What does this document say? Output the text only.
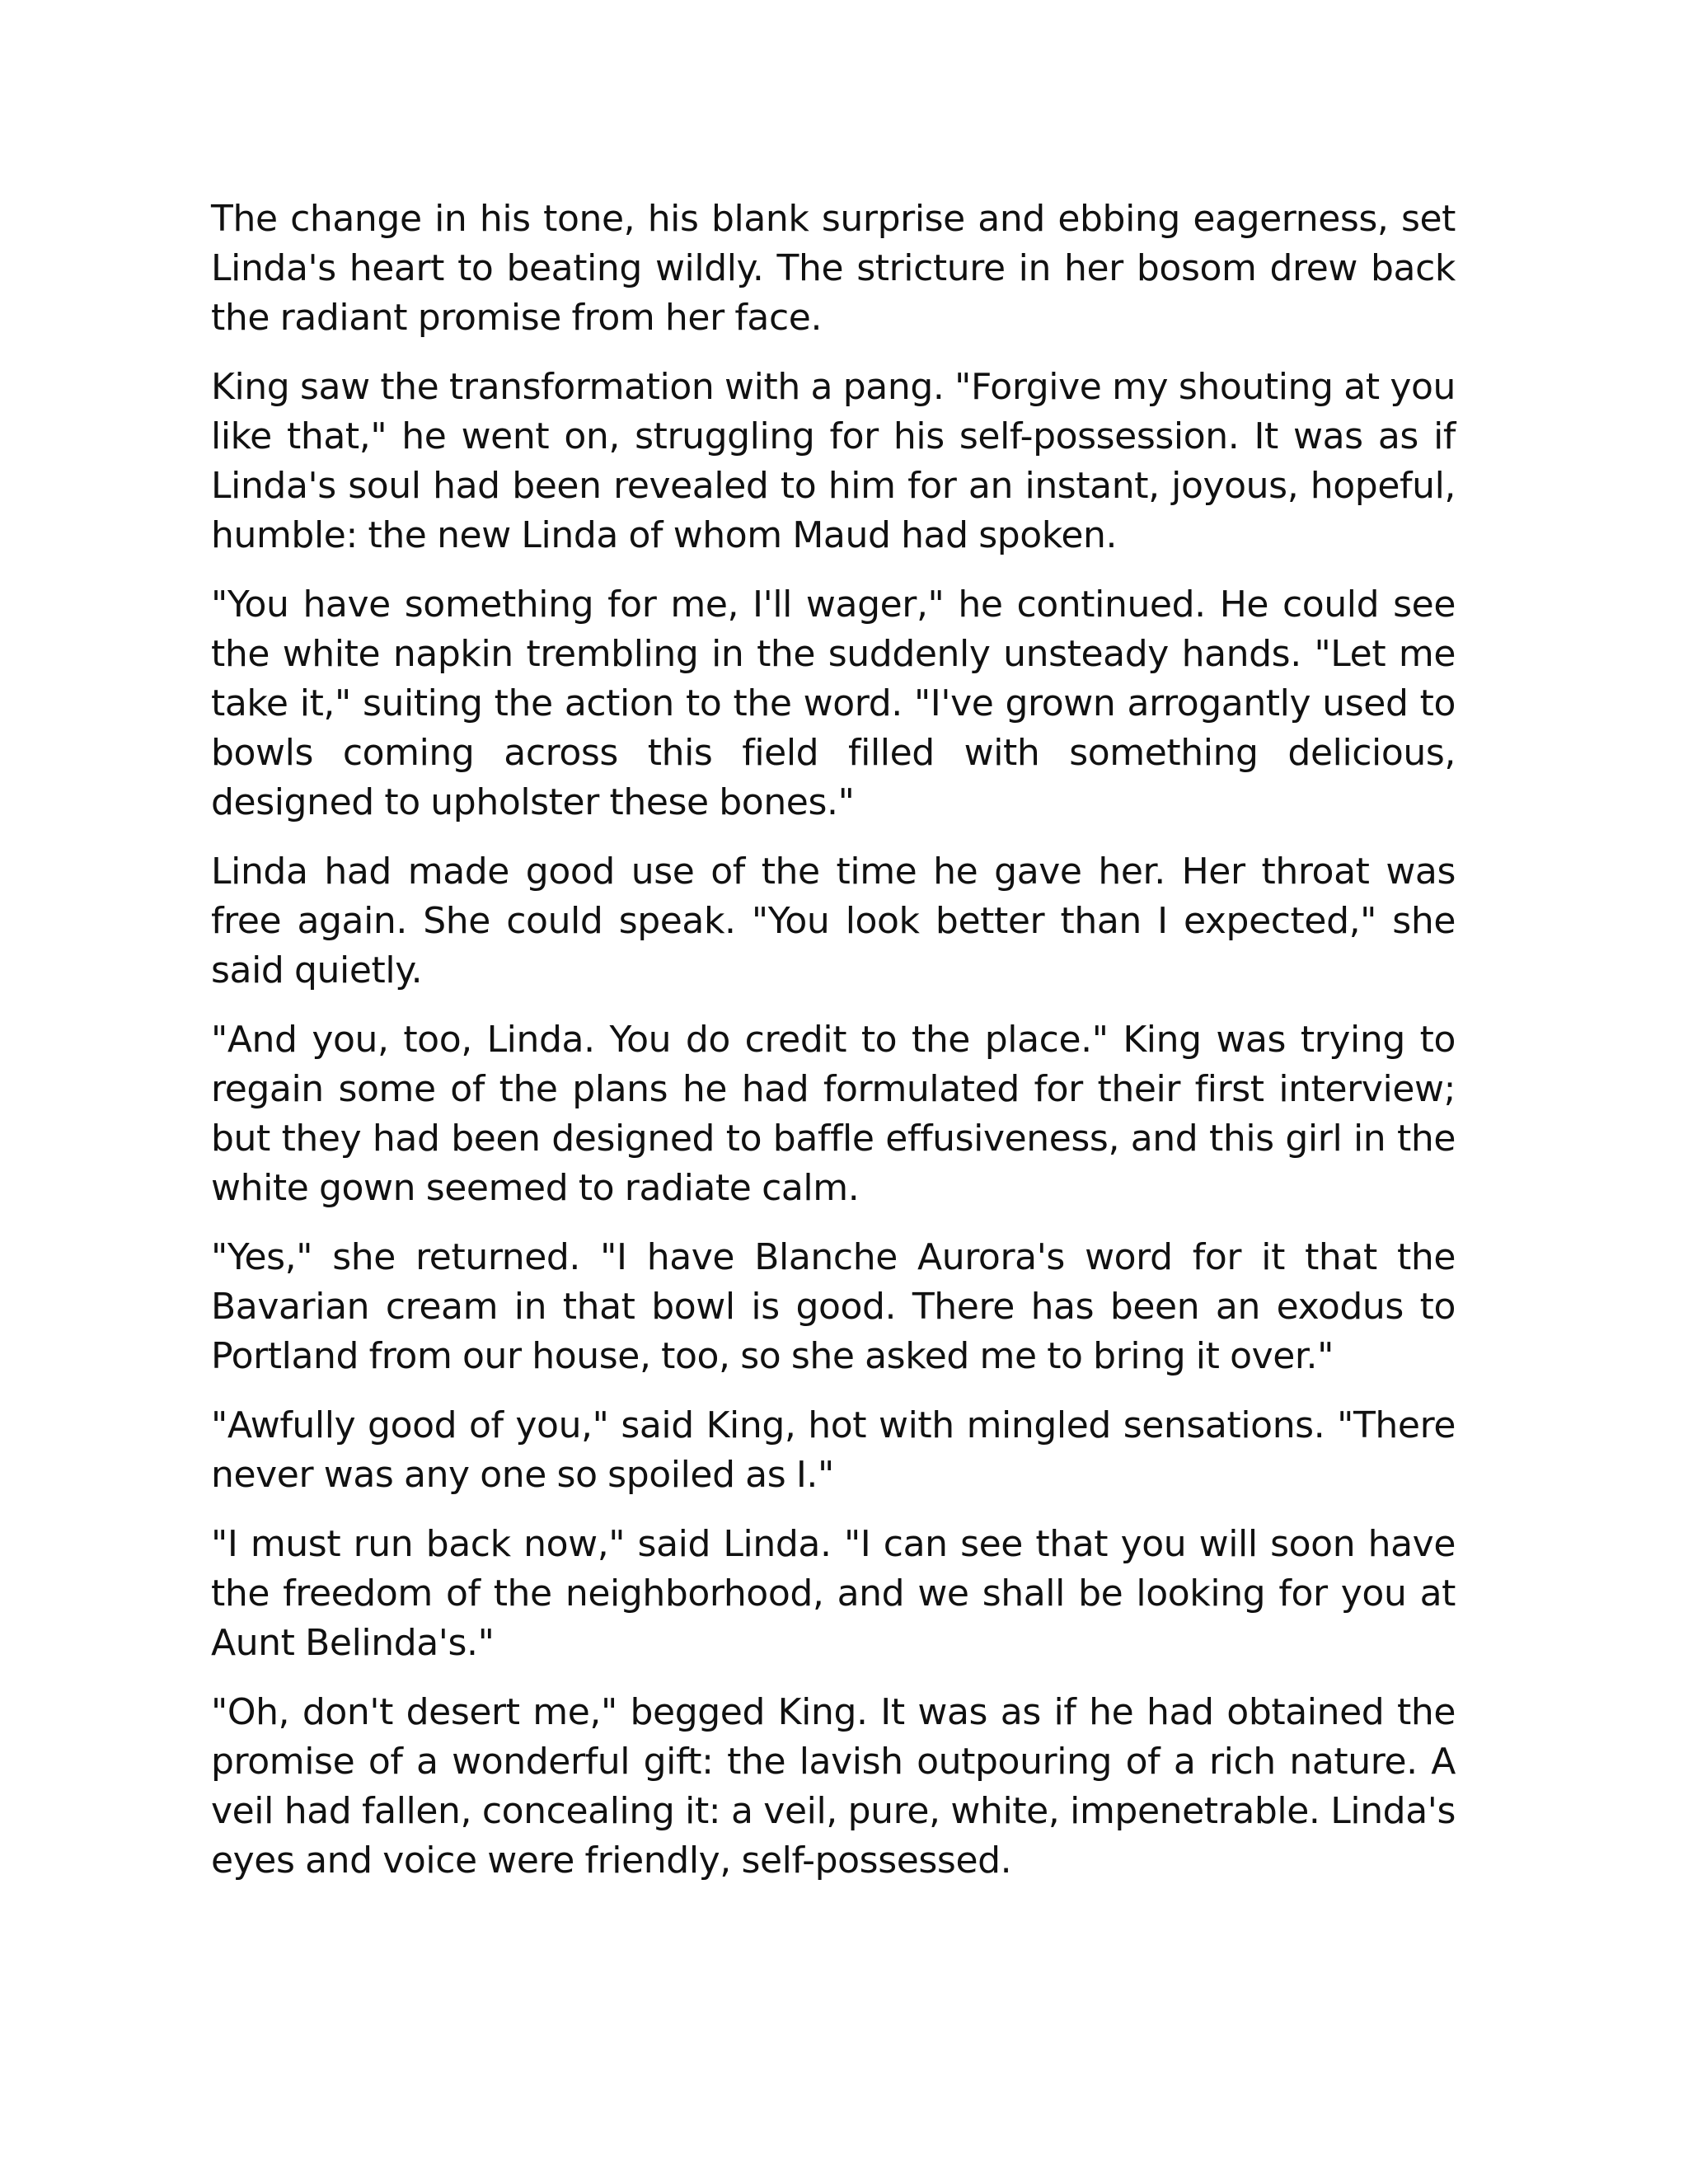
The change in his tone, his blank surprise and ebbing eagerness, set Linda's heart to beating wildly. The stricture in her bosom drew back the radiant promise from her face.

King saw the transformation with a pang. "Forgive my shouting at you like that," he went on, struggling for his self-possession. It was as if Linda's soul had been revealed to him for an instant, joyous, hopeful, humble: the new Linda of whom Maud had spoken.

"You have something for me, I'll wager," he continued. He could see the white napkin trembling in the suddenly unsteady hands. "Let me take it," suiting the action to the word. "I've grown arrogantly used to bowls coming across this field filled with something delicious, designed to upholster these bones."

Linda had made good use of the time he gave her. Her throat was free again. She could speak. "You look better than I expected," she said quietly.

"And you, too, Linda. You do credit to the place." King was trying to regain some of the plans he had formulated for their first interview; but they had been designed to baffle effusiveness, and this girl in the white gown seemed to radiate calm.

"Yes," she returned. "I have Blanche Aurora's word for it that the Bavarian cream in that bowl is good. There has been an exodus to Portland from our house, too, so she asked me to bring it over."

"Awfully good of you," said King, hot with mingled sensations. "There never was any one so spoiled as I."

"I must run back now," said Linda. "I can see that you will soon have the freedom of the neighborhood, and we shall be looking for you at Aunt Belinda's."

"Oh, don't desert me," begged King. It was as if he had obtained the promise of a wonderful gift: the lavish outpouring of a rich nature. A veil had fallen, concealing it: a veil, pure, white, impenetrable. Linda's eyes and voice were friendly, self-possessed.
